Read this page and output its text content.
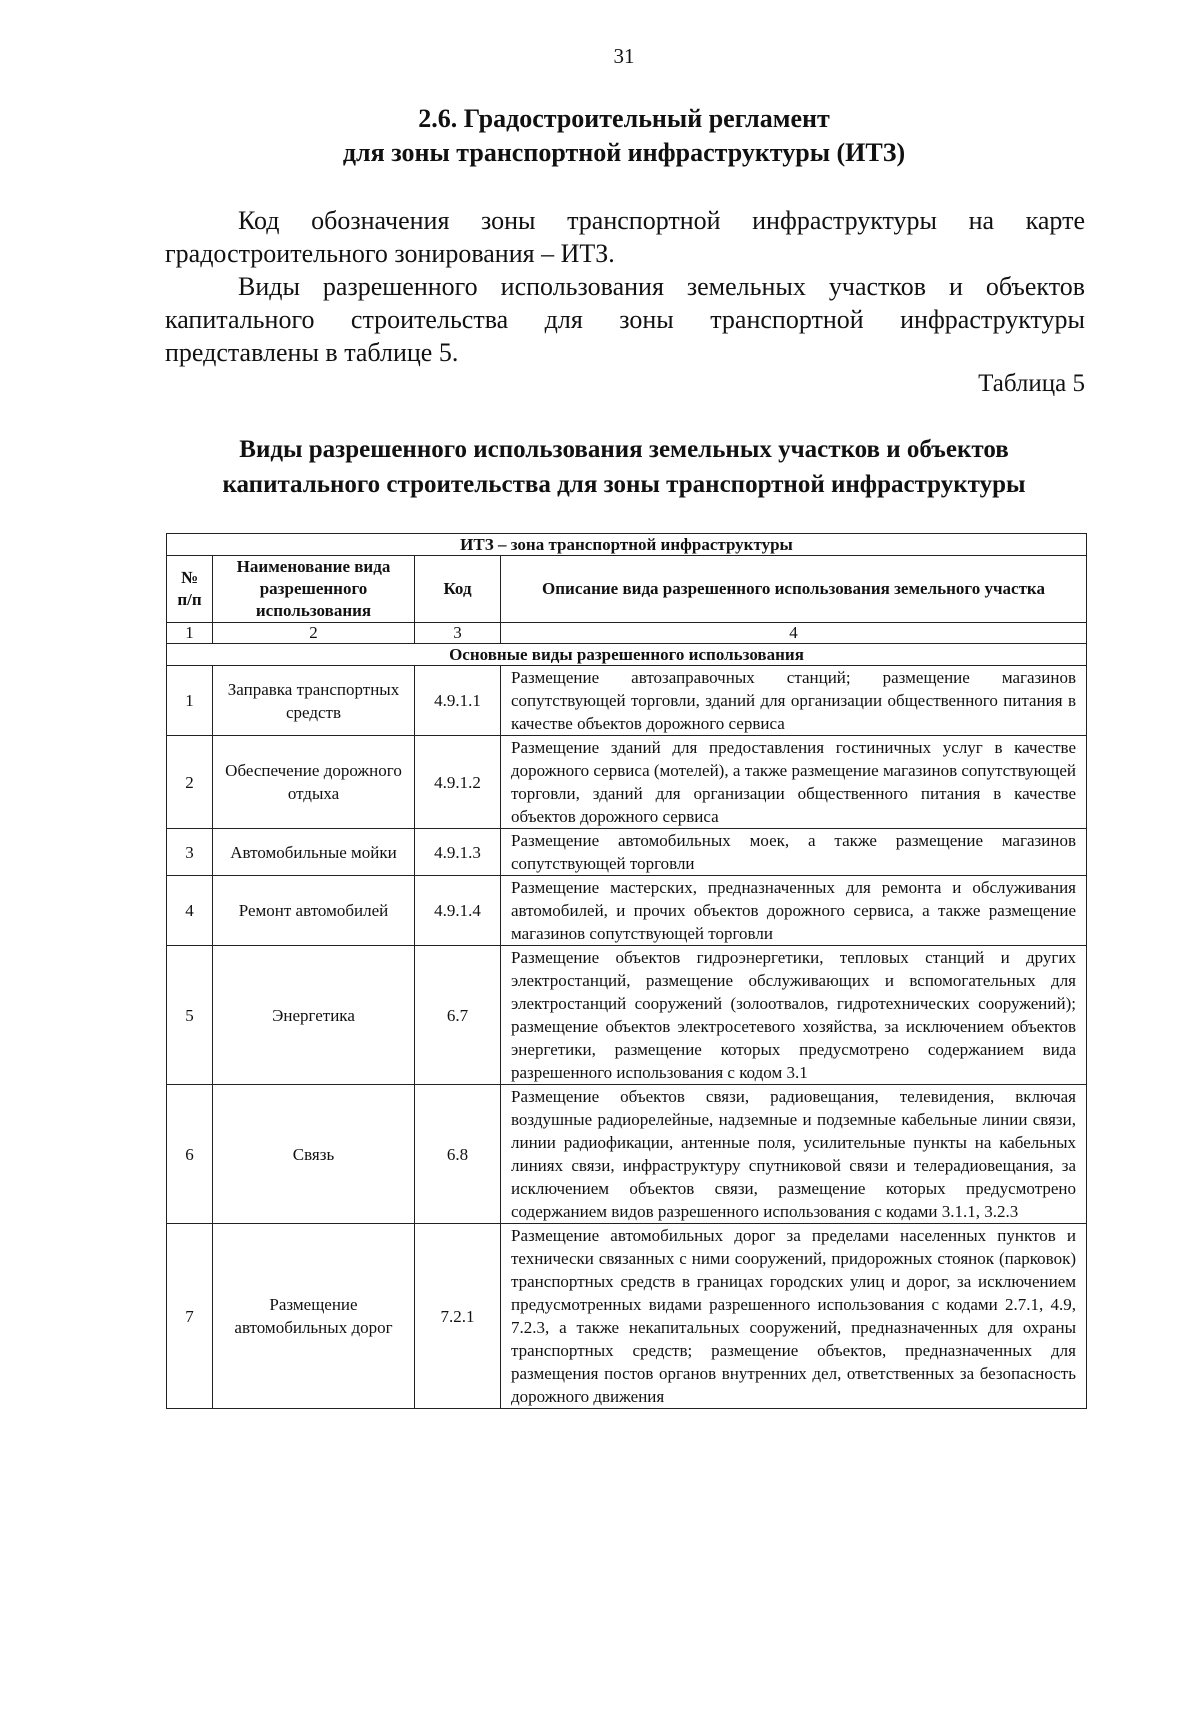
31
2.6. Градостроительный регламент
для зоны транспортной инфраструктуры (ИТЗ)

Код обозначения зоны транспортной инфраструктуры на карте градостроительного зонирования – ИТЗ.

Виды разрешенного использования земельных участков и объектов капитального строительства для зоны транспортной инфраструктуры представлены в таблице 5.

Таблица 5
Виды разрешенного использования земельных участков и объектов
капитального строительства для зоны транспортной инфраструктуры
ИТЗ – зона транспортной инфраструктуры			
№ п/п	Наименование вида разрешенного использования	Код	Описание вида разрешенного использования земельного участка
1	2	3	4
Основные виды разрешенного использования			
1	Заправка транспортных средств	4.9.1.1	Размещение автозаправочных станций; размещение магазинов сопутствующей торговли, зданий для организации общественного питания в качестве объектов дорожного сервиса
2	Обеспечение дорожного отдыха	4.9.1.2	Размещение зданий для предоставления гостиничных услуг в качестве дорожного сервиса (мотелей), а также размещение магазинов сопутствующей торговли, зданий для организации общественного питания в качестве объектов дорожного сервиса
3	Автомобильные мойки	4.9.1.3	Размещение автомобильных моек, а также размещение магазинов сопутствующей торговли
4	Ремонт автомобилей	4.9.1.4	Размещение мастерских, предназначенных для ремонта и обслуживания автомобилей, и прочих объектов дорожного сервиса, а также размещение магазинов сопутствующей торговли
5	Энергетика	6.7	Размещение объектов гидроэнергетики, тепловых станций и других электростанций, размещение обслуживающих и вспомогательных для электростанций сооружений (золоотвалов, гидротехнических сооружений); размещение объектов электросетевого хозяйства, за исключением объектов энергетики, размещение которых предусмотрено содержанием вида разрешенного использования с кодом 3.1
6	Связь	6.8	Размещение объектов связи, радиовещания, телевидения, включая воздушные радиорелейные, надземные и подземные кабельные линии связи, линии радиофикации, антенные поля, усилительные пункты на кабельных линиях связи, инфраструктуру спутниковой связи и телерадиовещания, за исключением объектов связи, размещение которых предусмотрено содержанием видов разрешенного использования с кодами 3.1.1, 3.2.3
7	Размещение автомобильных дорог	7.2.1	Размещение автомобильных дорог за пределами населенных пунктов и технически связанных с ними сооружений, придорожных стоянок (парковок) транспортных средств в границах городских улиц и дорог, за исключением предусмотренных видами разрешенного использования с кодами 2.7.1, 4.9, 7.2.3, а также некапитальных сооружений, предназначенных для охраны транспортных средств; размещение объектов, предназначенных для размещения постов органов внутренних дел, ответственных за безопасность дорожного движения
